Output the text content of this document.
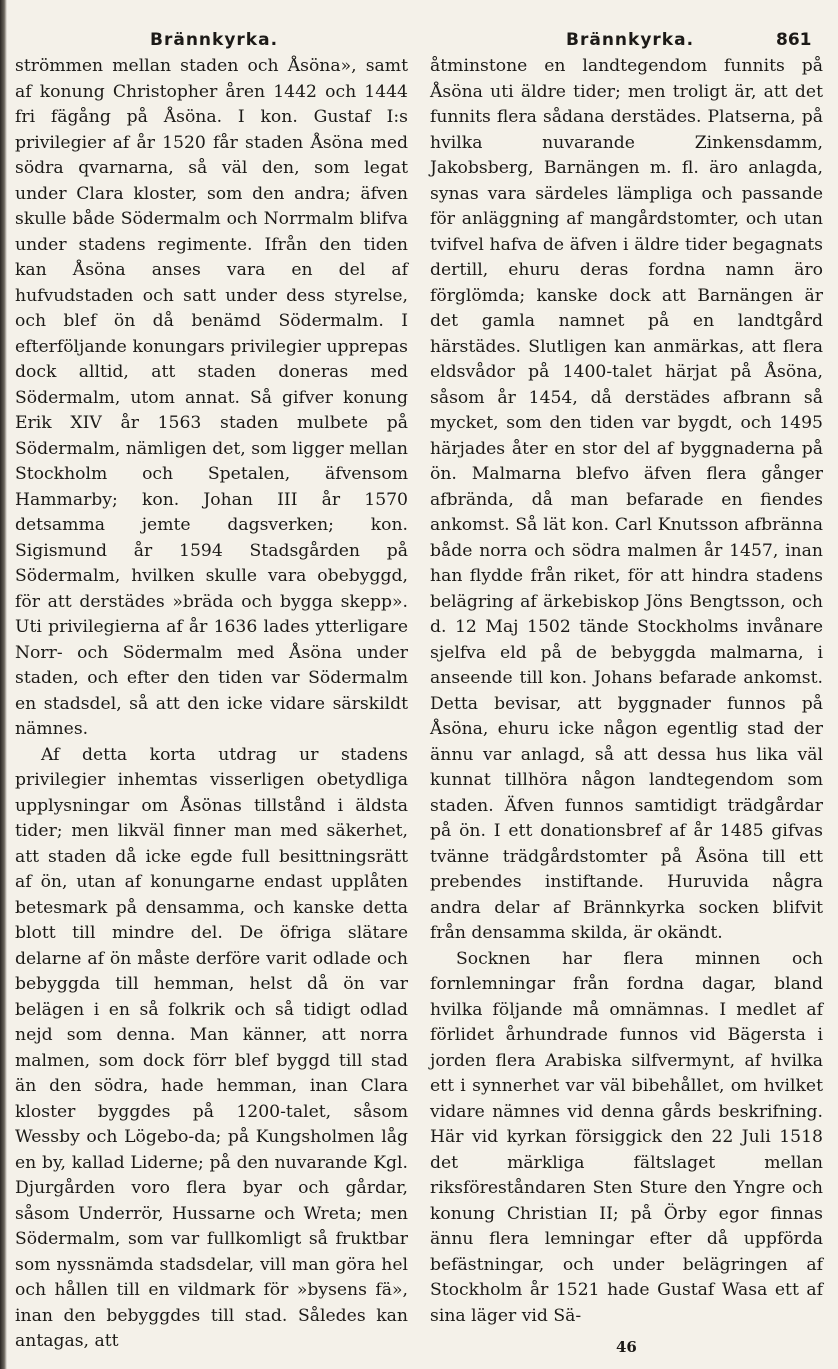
Brännkyrka.	Brännkyrka.	861

strömmen mellan staden och Åsöna», samt af konung Christopher åren 1442 och 1444 fri fägång på Åsöna. I kon. Gustaf I:s privilegier af år 1520 får staden Åsöna med södra qvarnarna, så väl den, som legat under Clara kloster, som den andra; äfven skulle både Södermalm och Norrmalm blifva under stadens regimente. Ifrån den tiden kan Åsöna anses vara en del af hufvudstaden och satt under dess styrelse, och blef ön då benämd Södermalm. I efterföljande konungars privilegier upprepas dock alltid, att staden doneras med Södermalm, utom annat. Så gifver konung Erik XIV år 1563 staden mulbete på Södermalm, nämligen det, som ligger mellan Stockholm och Spetalen, äfvensom Hammarby; kon. Johan III år 1570 detsamma jemte dagsverken; kon. Sigismund år 1594 Stadsgården på Södermalm, hvilken skulle vara obebyggd, för att derstädes »bräda och bygga skepp». Uti privilegierna af år 1636 lades ytterligare Norr- och Södermalm med Åsöna under staden, och efter den tiden var Södermalm en stadsdel, så att den icke vidare särskildt nämnes.

Af detta korta utdrag ur stadens privilegier inhemtas visserligen obetydliga upplysningar om Åsönas tillstånd i äldsta tider; men likväl finner man med säkerhet, att staden då icke egde full besittningsrätt af ön, utan af konungarne endast upplåten betesmark på densamma, och kanske detta blott till mindre del. De öfriga slätare delarne af ön måste derföre varit odlade och bebyggda till hemman, helst då ön var belägen i en så folkrik och så tidigt odlad nejd som denna. Man känner, att norra malmen, som dock förr blef byggd till stad än den södra, hade hemman, inan Clara kloster byggdes på 1200-talet, såsom Wessby och Lögebo-da; på Kungsholmen låg en by, kallad Liderne; på den nuvarande Kgl. Djurgården voro flera byar och gårdar, såsom Underrör, Hussarne och Wreta; men Södermalm, som var fullkomligt så fruktbar som nyssnämda stadsdelar, vill man göra hel och hållen till en vildmark för »bysens fä», inan den bebyggdes till stad. Således kan antagas, att

åtminstone en landtegendom funnits på Åsöna uti äldre tider; men troligt är, att det funnits flera sådana derstädes. Platserna, på hvilka nuvarande Zinkensdamm, Jakobsberg, Barnängen m. fl. äro anlagda, synas vara särdeles lämpliga och passande för anläggning af mangårdstomter, och utan tvifvel hafva de äfven i äldre tider begagnats dertill, ehuru deras fordna namn äro förglömda; kanske dock att Barnängen är det gamla namnet på en landtgård härstädes. Slutligen kan anmärkas, att flera eldsvådor på 1400-talet härjat på Åsöna, såsom år 1454, då derstädes afbrann så mycket, som den tiden var bygdt, och 1495 härjades åter en stor del af byggnaderna på ön. Malmarna blefvo äfven flera gånger afbrända, då man befarade en fiendes ankomst. Så lät kon. Carl Knutsson afbränna både norra och södra malmen år 1457, inan han flydde från riket, för att hindra stadens belägring af ärkebiskop Jöns Bengtsson, och d. 12 Maj 1502 tände Stockholms invånare sjelfva eld på de bebyggda malmarna, i anseende till kon. Johans befarade ankomst. Detta bevisar, att byggnader funnos på Åsöna, ehuru icke någon egentlig stad der ännu var anlagd, så att dessa hus lika väl kunnat tillhöra någon landtegendom som staden. Äfven funnos samtidigt trädgårdar på ön. I ett donationsbref af år 1485 gifvas tvänne trädgårdstomter på Åsöna till ett prebendes instiftande. Huruvida några andra delar af Brännkyrka socken blifvit från densamma skilda, är okändt.

Socknen har flera minnen och fornlemningar från fordna dagar, bland hvilka följande må omnämnas. I medlet af förlidet århundrade funnos vid Bägersta i jorden flera Arabiska silfvermynt, af hvilka ett i synnerhet var väl bibehållet, om hvilket vidare nämnes vid denna gårds beskrifning. Här vid kyrkan försiggick den 22 Juli 1518 det märkliga fältslaget mellan riksföreståndaren Sten Sture den Yngre och konung Christian II; på Örby egor finnas ännu flera lemningar efter då uppförda befästningar, och under belägringen af Stockholm år 1521 hade Gustaf Wasa ett af sina läger vid Sä-

46
